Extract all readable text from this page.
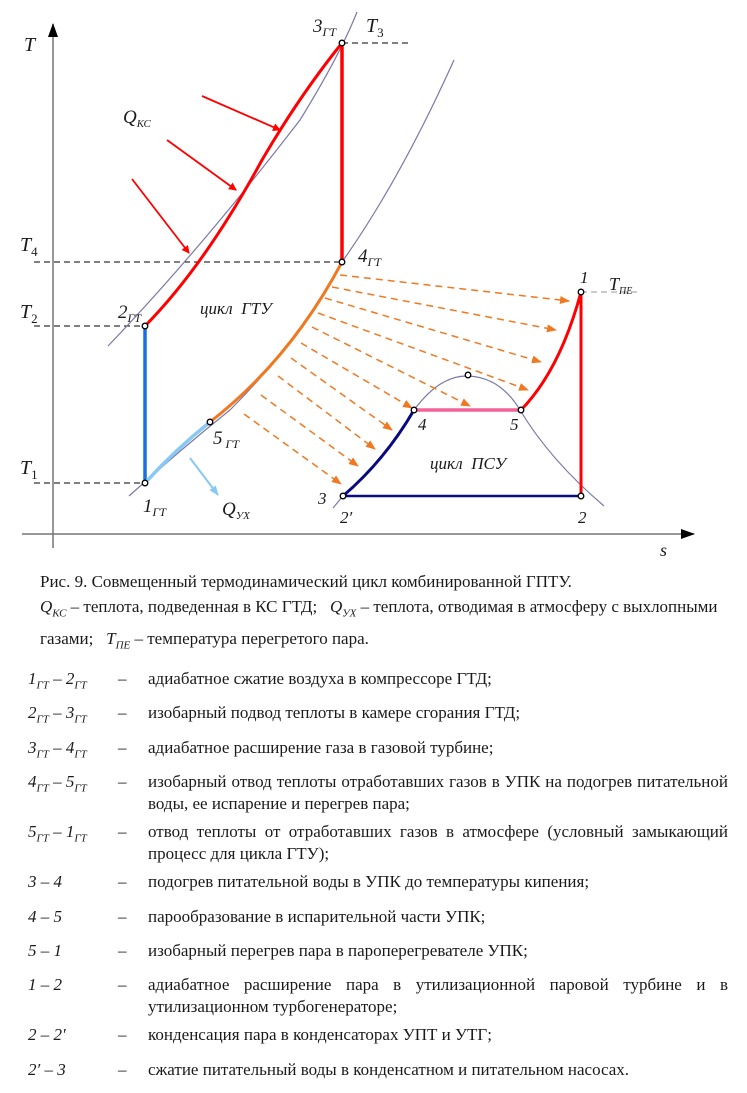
T
s
$T_1$
$T_2$
$T_4$
$T_3$
$T_{ПЕ}$
$1_{ГТ}$
$2_{ГТ}$
$3_{ГТ}$
$4_{ГТ}$
5 $_{ГТ}$
1
2
2′
3
4	5
$Q_{КС}$
$Q_{УХ}$
цикл  ГТУ
цикл  ПСУ
Рис. 9. Совмещенный термодинамический цикл комбинированной ГПТУ.
$Q_{КС}$ – теплота, подведенная в КС ГТД;   $Q_{УХ}$ – теплота, отводимая в атмосферу с выхлопными газами;   $T_{ПЕ}$ – температура перегретого пара.
$1_{ГТ} - 2_{ГТ}$	–	адиабатное сжатие воздуха в компрессоре ГТД;
$2_{ГТ} - 3_{ГТ}$	–	изобарный подвод теплоты в камере сгорания ГТД;
$3_{ГТ} - 4_{ГТ}$	–	адиабатное расширение газа в газовой турбине;
$4_{ГТ} - 5_{ГТ}$	–	изобарный отвод теплоты отработавших газов в УПК на подогрев питательной воды, ее испарение и перегрев пара;
$5_{ГТ} - 1_{ГТ}$	–	отвод теплоты от отработавших газов в атмосфере (условный замыкающий процесс для цикла ГТУ);
3 – 4	–	подогрев питательной воды в УПК до температуры кипения;
4 – 5	–	парообразование в испарительной части УПК;
5 – 1	–	изобарный перегрев пара в пароперегревателе УПК;
1 – 2	–	адиабатное расширение пара в утилизационной паровой турбине и в утилизационном турбогенераторе;
2 – 2′	–	конденсация пара в конденсаторах УПТ и УТГ;
2′ – 3	–	сжатие питательный воды в конденсатном и питательном насосах.
